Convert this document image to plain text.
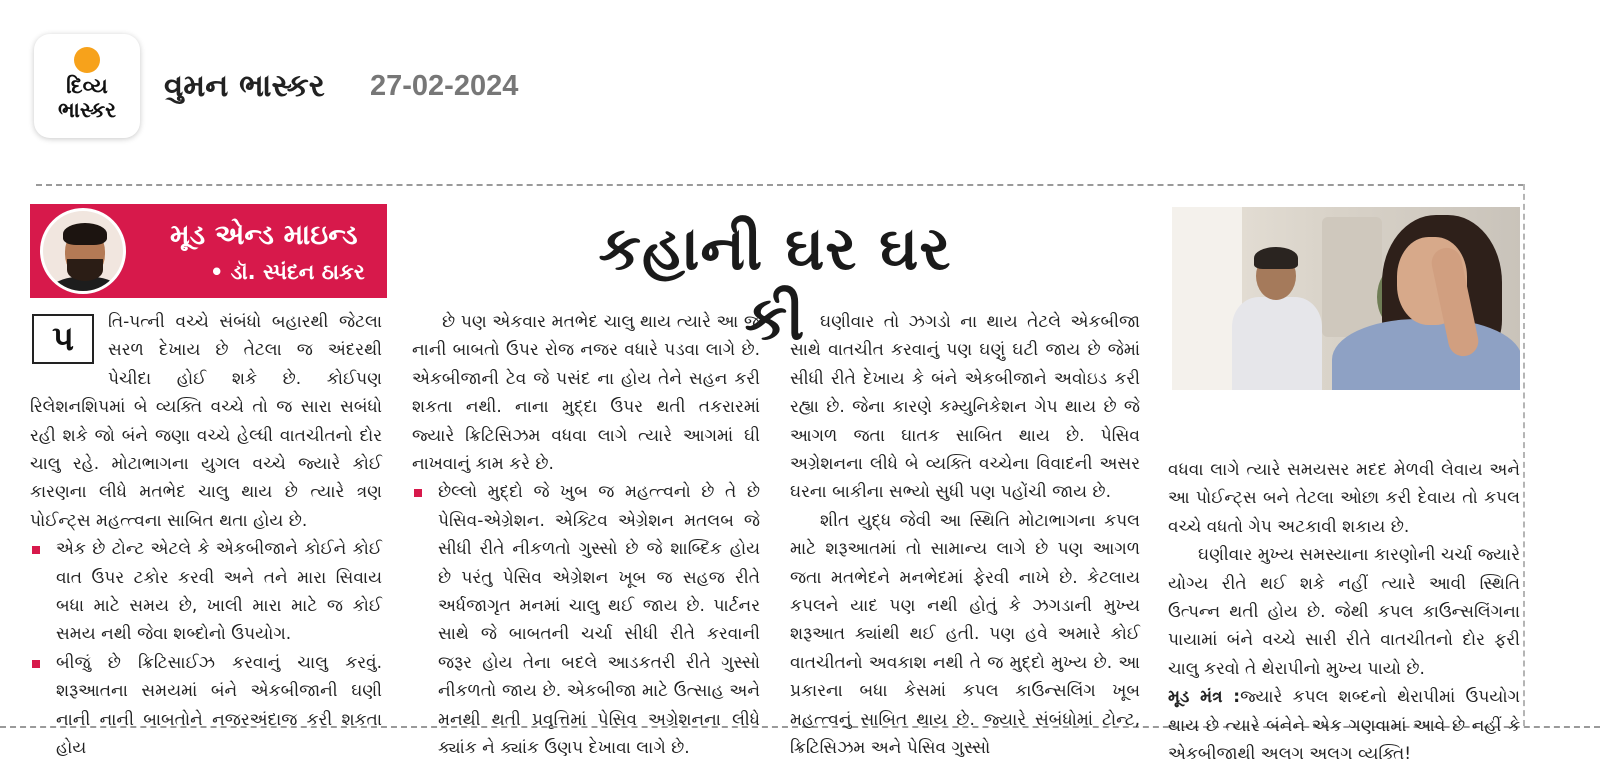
દિવ્ય
ભાસ્કર
વુમન ભાસ્કર 27-02-2024
મૂડ એન્ડ માઇન્ડ
• ડૉ. સ્પંદન ઠાકર	કહાની ઘર ઘર કી

પ	તિ-પત્ની વચ્ચે સંબંધો બહારથી જેટલા સરળ દેખાય છે તેટલા જ અંદરથી પેચીદા હોઈ શકે છે. કોઈપણ રિલેશનશિપમાં બે વ્યક્તિ વચ્ચે તો જ સારા સબંધો રહી શકે જો બંને જણા વચ્ચે હેલ્ધી વાતચીતનો દોર ચાલુ રહે. મોટાભાગના યુગલ વચ્ચે જ્યારે કોઈ કારણના લીધે મતભેદ ચાલુ થાય છે ત્યારે ત્રણ પોઈન્ટ્સ મહત્ત્વના સાબિત થતા હોય છે.

એક છે ટોન્ટ એટલે કે એકબીજાને કોઈને કોઈ વાત ઉપર ટકોર કરવી અને તને મારા સિવાય બધા માટે સમય છે, ખાલી મારા માટે જ કોઈ સમય નથી જેવા શબ્દોનો ઉપયોગ.

બીજું છે ક્રિટિસાઈઝ કરવાનું ચાલુ કરવું. શરૂઆતના સમયમાં બંને એકબીજાની ઘણી નાની નાની બાબતોને નજરઅંદાજ કરી શકતા હોય

છે પણ એકવાર મતભેદ ચાલુ થાય ત્યારે આ જ નાની બાબતો ઉપર રોજ નજર વધારે પડવા લાગે છે. એકબીજાની ટેવ જે પસંદ ના હોય તેને સહન કરી શકતા નથી. નાના મુદ્દા ઉપર થતી તકરારમાં જ્યારે ક્રિટિસિઝમ વધવા લાગે ત્યારે આગમાં ઘી નાખવાનું કામ કરે છે.

છેલ્લો મુદ્દો જે ખુબ જ મહત્ત્વનો છે તે છે પેસિવ-એગ્રેશન. એક્ટિવ એગ્રેશન મતલબ જે સીધી રીતે નીકળતો ગુસ્સો છે જે શાબ્દિક હોય છે પરંતુ પેસિવ એગ્રેશન ખૂબ જ સહજ રીતે અર્ધજાગૃત મનમાં ચાલુ થઈ જાય છે. પાર્ટનર સાથે જે બાબતની ચર્ચા સીધી રીતે કરવાની જરૂર હોય તેના બદલે આડકતરી રીતે ગુસ્સો નીકળતો જાય છે. એકબીજા માટે ઉત્સાહ અને મનથી થતી પ્રવૃત્તિમાં પેસિવ અગ્રેશનના લીધે ક્યાંક ને ક્યાંક ઉણપ દેખાવા લાગે છે.

ઘણીવાર તો ઝગડો ના થાય તેટલે એકબીજા સાથે વાતચીત કરવાનું પણ ઘણું ઘટી જાય છે જેમાં સીધી રીતે દેખાય કે બંને એકબીજાને અવોઇડ કરી રહ્યા છે. જેના કારણે કમ્યુનિકેશન ગેપ થાય છે જે આગળ જતા ઘાતક સાબિત થાય છે. પેસિવ અગ્રેશનના લીધે બે વ્યક્તિ વચ્ચેના વિવાદની અસર ઘરના બાકીના સભ્યો સુધી પણ પહોંચી જાય છે.

શીત યુદ્ધ જેવી આ સ્થિતિ મોટાભાગના કપલ માટે શરૂઆતમાં તો સામાન્ય લાગે છે પણ આગળ જતા મતભેદને મનભેદમાં ફેરવી નાખે છે. કેટલાય કપલને યાદ પણ નથી હોતું કે ઝગડાની મુખ્ય શરૂઆત ક્યાંથી થઈ હતી. પણ હવે અમારે કોઈ વાતચીતનો અવકાશ નથી તે જ મુદ્દો મુખ્ય છે. આ પ્રકારના બધા કેસમાં કપલ કાઉન્સલિંગ ખૂબ મહત્ત્વનું સાબિત થાય છે. જ્યારે સંબંધોમાં ટોન્ટ, ક્રિટિસિઝમ અને પેસિવ ગુસ્સો

વધવા લાગે ત્યારે સમયસર મદદ મેળવી લેવાય અને આ પોઈન્ટ્સ બને તેટલા ઓછા કરી દેવાય તો કપલ વચ્ચે વધતો ગેપ અટકાવી શકાય છે.

ઘણીવાર મુખ્ય સમસ્યાના કારણોની ચર્ચા જ્યારે યોગ્ય રીતે થઈ શકે નહીં ત્યારે આવી સ્થિતિ ઉત્પન્ન થતી હોય છે. જેથી કપલ કાઉન્સલિંગના પાયામાં બંને વચ્ચે સારી રીતે વાતચીતનો દોર ફરી ચાલુ કરવો તે થેરાપીનો મુખ્ય પાયો છે.

મૂડ મંત્ર :જ્યારે કપલ શબ્દનો થેરાપીમાં ઉપયોગ થાય છે ત્યારે બંનેને એક ગણવામાં આવે છે નહીં કે એકબીજાથી અલગ અલગ વ્યક્તિ!
